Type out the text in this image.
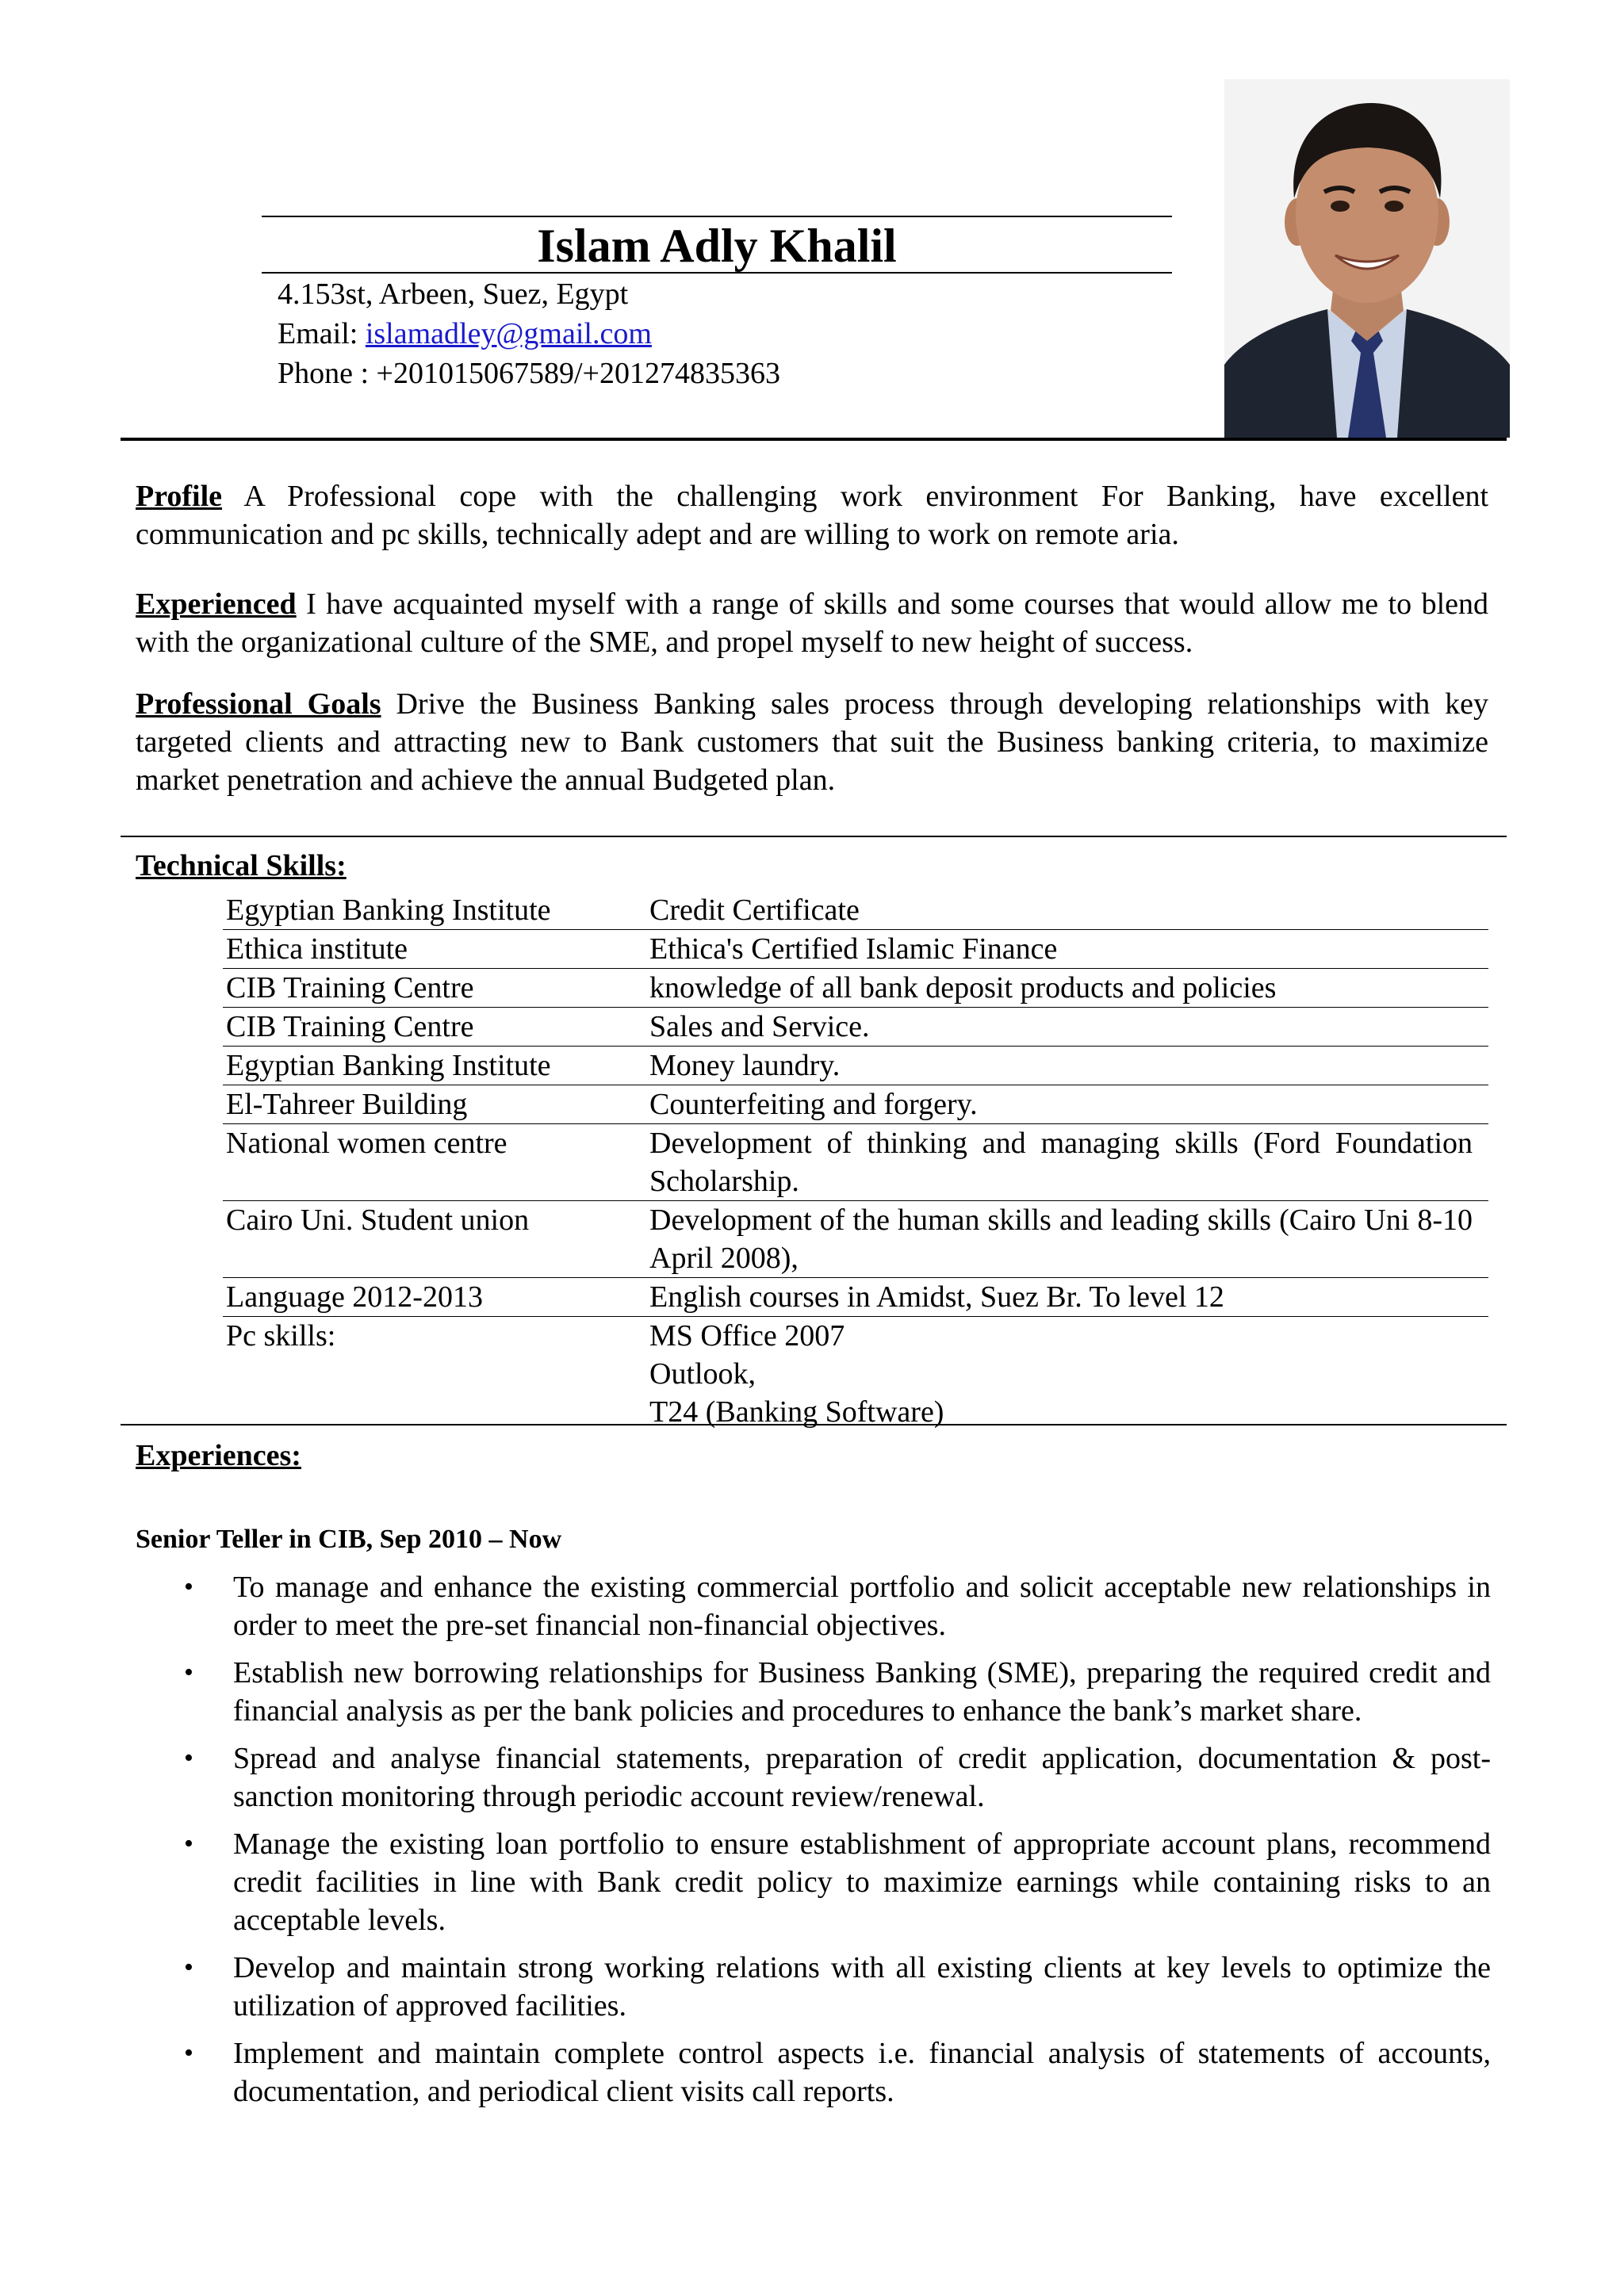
Islam Adly Khalil
4.153st, Arbeen, Suez, Egypt
Email: islamadley@gmail.com
Phone : +201015067589/+201274835363
Profile A Professional cope with the challenging work environment For Banking, have excellent communication and pc skills, technically adept and are willing to work on remote aria.
Experienced I have acquainted myself with a range of skills and some courses that would allow me to blend with the organizational culture of the SME, and propel myself to new height of success.
Professional Goals Drive the Business Banking sales process through developing relationships with key targeted clients and attracting new to Bank customers that suit the Business banking criteria, to maximize market penetration and achieve the annual Budgeted plan.
Technical Skills:
Egyptian Banking Institute	Credit Certificate
Ethica institute	Ethica's Certified Islamic Finance
CIB Training Centre	knowledge of all bank deposit products and policies
CIB Training Centre	Sales and Service.
Egyptian Banking Institute	Money laundry.
El-Tahreer Building	Counterfeiting and forgery.
National women centre	Development of thinking and managing skills (Ford Foundation Scholarship.
Cairo Uni. Student union	Development of the human skills and leading skills (Cairo Uni 8-10 April 2008),
Language 2012-2013	English courses in Amidst, Suez Br. To level 12
Pc skills:	MS Office 2007
Outlook,
T24 (Banking Software)
Experiences:
Senior Teller in CIB, Sep 2010 – Now
• To manage and enhance the existing commercial portfolio and solicit acceptable new relationships in order to meet the pre-set financial non-financial objectives.
• Establish new borrowing relationships for Business Banking (SME), preparing the required credit and financial analysis as per the bank policies and procedures to enhance the bank’s market share.
• Spread and analyse financial statements, preparation of credit application, documentation & post-sanction monitoring through periodic account review/renewal.
• Manage the existing loan portfolio to ensure establishment of appropriate account plans, recommend credit facilities in line with Bank credit policy to maximize earnings while containing risks to an acceptable levels.
• Develop and maintain strong working relations with all existing clients at key levels to optimize the utilization of approved facilities.
• Implement and maintain complete control aspects i.e. financial analysis of statements of accounts, documentation, and periodical client visits call reports.
